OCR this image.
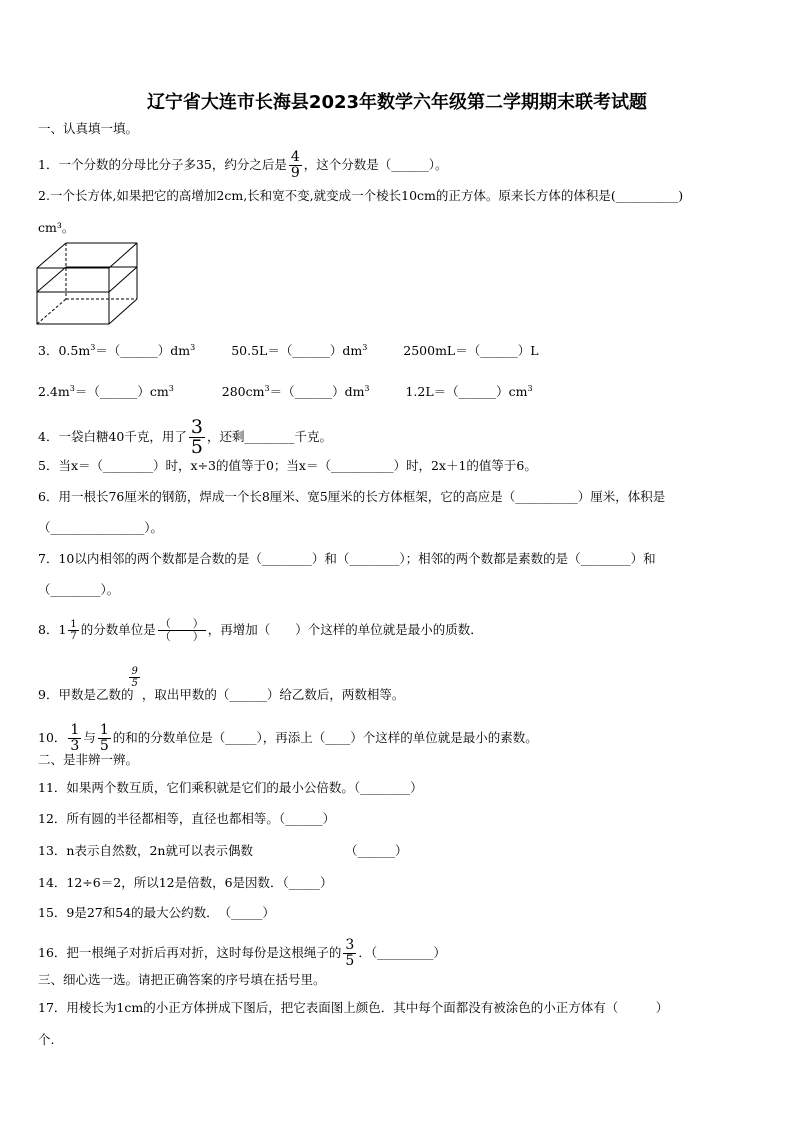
辽宁省大连市长海县2023年数学六年级第二学期期末联考试题
一、认真填一填。
1．一个分数的分母比分子多35，约分之后是 $\frac{4}{9}$ ，这个分数是（______）。
2.一个长方体,如果把它的高增加2cm,长和宽不变,就变成一个棱长10cm的正方体。原来长方体的体积是(__________)
cm³。
3．$0.5m^3=(\_\_\_\_\_\_)dm^3$	$50.5L=(\_\_\_\_\_\_)dm^3$	2500mL＝（______）L
$2.4m^3=(\_\_\_\_\_\_)cm^3$	$280cm^3=(\_\_\_\_\_\_)dm^3$	$1.2L=(\_\_\_\_\_\_)cm^3$
4．一袋白糖40千克，用了 $\frac{3}{5}$ ，还剩________千克。
5．当x＝（________）时，x÷3的值等于0；当x＝（__________）时，2x＋1的值等于6。
6．用一根长76厘米的钢筋，焊成一个长8厘米、宽5厘米的长方体框架，它的高应是（__________）厘米，体积是
（_______________）。
7．10以内相邻的两个数都是合数的是（________）和（________）；相邻的两个数都是素数的是（________）和
（________）。
8．$1 \frac{1}{7}$ 的分数单位是 $\frac{( )}{( )}$ ，再增加（　　）个这样的单位就是最小的质数．
9．甲数是乙数的
$\frac{9}{5}$
，取出甲数的（______）给乙数后，两数相等。
10． $\frac{1}{3}$ 与 $\frac{1}{5}$ 的和的分数单位是（_____），再添上（____）个这样的单位就是最小的素数。
二、是非辨一辨。
11．如果两个数互质，它们乘积就是它们的最小公倍数。（________）
12．所有圆的半径都相等，直径也都相等。（______）
13．n表示自然数，2n就可以表示偶数	（______）
14．12÷6＝2，所以12是倍数，6是因数．（_____）
15．9是27和54的最大公约数．　（_____）
16．把一根绳子对折后再对折，这时每份是这根绳子的 $\frac{3}{5}$ ．（_________）
三、细心选一选。请把正确答案的序号填在括号里。
17．用棱长为1cm的小正方体拼成下图后，把它表面图上颜色．其中每个面都没有被涂色的小正方体有（　　　）
个.
